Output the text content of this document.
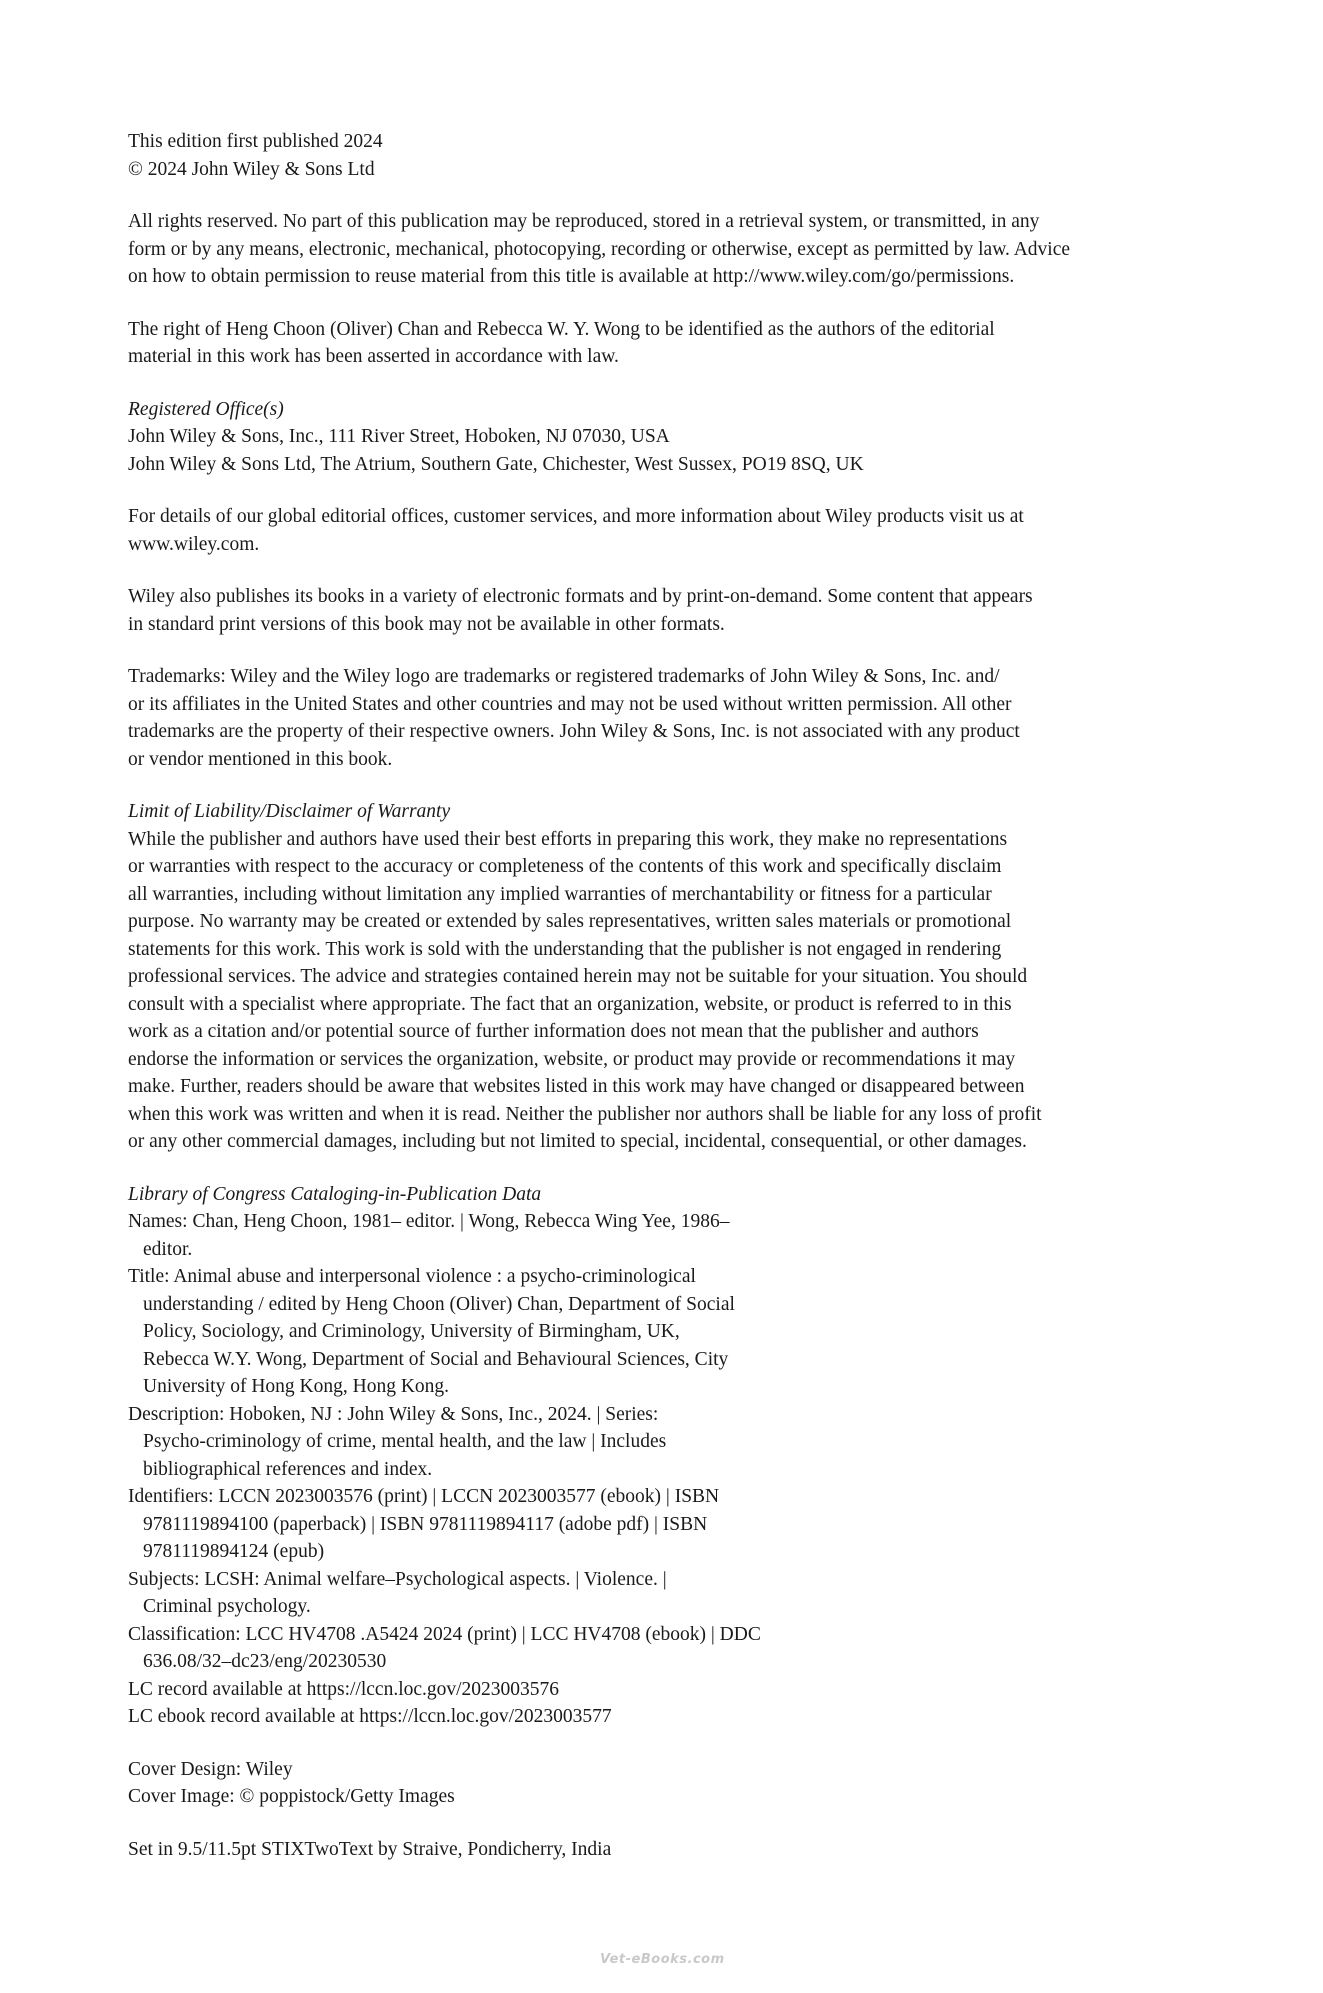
This edition first published 2024
© 2024 John Wiley & Sons Ltd
All rights reserved. No part of this publication may be reproduced, stored in a retrieval system, or transmitted, in any
form or by any means, electronic, mechanical, photocopying, recording or otherwise, except as permitted by law. Advice
on how to obtain permission to reuse material from this title is available at http://www.wiley.com/go/permissions.
The right of Heng Choon (Oliver) Chan and Rebecca W. Y. Wong to be identified as the authors of the editorial
material in this work has been asserted in accordance with law.
Registered Office(s)
John Wiley & Sons, Inc., 111 River Street, Hoboken, NJ 07030, USA
John Wiley & Sons Ltd, The Atrium, Southern Gate, Chichester, West Sussex, PO19 8SQ, UK
For details of our global editorial offices, customer services, and more information about Wiley products visit us at
www.wiley.com.
Wiley also publishes its books in a variety of electronic formats and by print-on-demand. Some content that appears
in standard print versions of this book may not be available in other formats.
Trademarks: Wiley and the Wiley logo are trademarks or registered trademarks of John Wiley & Sons, Inc. and/
or its affiliates in the United States and other countries and may not be used without written permission. All other
trademarks are the property of their respective owners. John Wiley & Sons, Inc. is not associated with any product
or vendor mentioned in this book.
Limit of Liability/Disclaimer of Warranty
While the publisher and authors have used their best efforts in preparing this work, they make no representations
or warranties with respect to the accuracy or completeness of the contents of this work and specifically disclaim
all warranties, including without limitation any implied warranties of merchantability or fitness for a particular
purpose. No warranty may be created or extended by sales representatives, written sales materials or promotional
statements for this work. This work is sold with the understanding that the publisher is not engaged in rendering
professional services. The advice and strategies contained herein may not be suitable for your situation. You should
consult with a specialist where appropriate. The fact that an organization, website, or product is referred to in this
work as a citation and/or potential source of further information does not mean that the publisher and authors
endorse the information or services the organization, website, or product may provide or recommendations it may
make. Further, readers should be aware that websites listed in this work may have changed or disappeared between
when this work was written and when it is read. Neither the publisher nor authors shall be liable for any loss of profit
or any other commercial damages, including but not limited to special, incidental, consequential, or other damages.
Library of Congress Cataloging-in-Publication Data
Names: Chan, Heng Choon, 1981– editor. | Wong, Rebecca Wing Yee, 1986–
editor.
Title: Animal abuse and interpersonal violence : a psycho-criminological
understanding / edited by Heng Choon (Oliver) Chan, Department of Social
Policy, Sociology, and Criminology, University of Birmingham, UK,
Rebecca W.Y. Wong, Department of Social and Behavioural Sciences, City
University of Hong Kong, Hong Kong.
Description: Hoboken, NJ : John Wiley & Sons, Inc., 2024. | Series:
Psycho-criminology of crime, mental health, and the law | Includes
bibliographical references and index.
Identifiers: LCCN 2023003576 (print) | LCCN 2023003577 (ebook) | ISBN
9781119894100 (paperback) | ISBN 9781119894117 (adobe pdf) | ISBN
9781119894124 (epub)
Subjects: LCSH: Animal welfare–Psychological aspects. | Violence. |
Criminal psychology.
Classification: LCC HV4708 .A5424 2024 (print) | LCC HV4708 (ebook) | DDC
636.08/32–dc23/eng/20230530
LC record available at https://lccn.loc.gov/2023003576
LC ebook record available at https://lccn.loc.gov/2023003577
Cover Design: Wiley
Cover Image: © poppistock/Getty Images
Set in 9.5/11.5pt STIXTwoText by Straive, Pondicherry, India
Vet-eBooks.com
